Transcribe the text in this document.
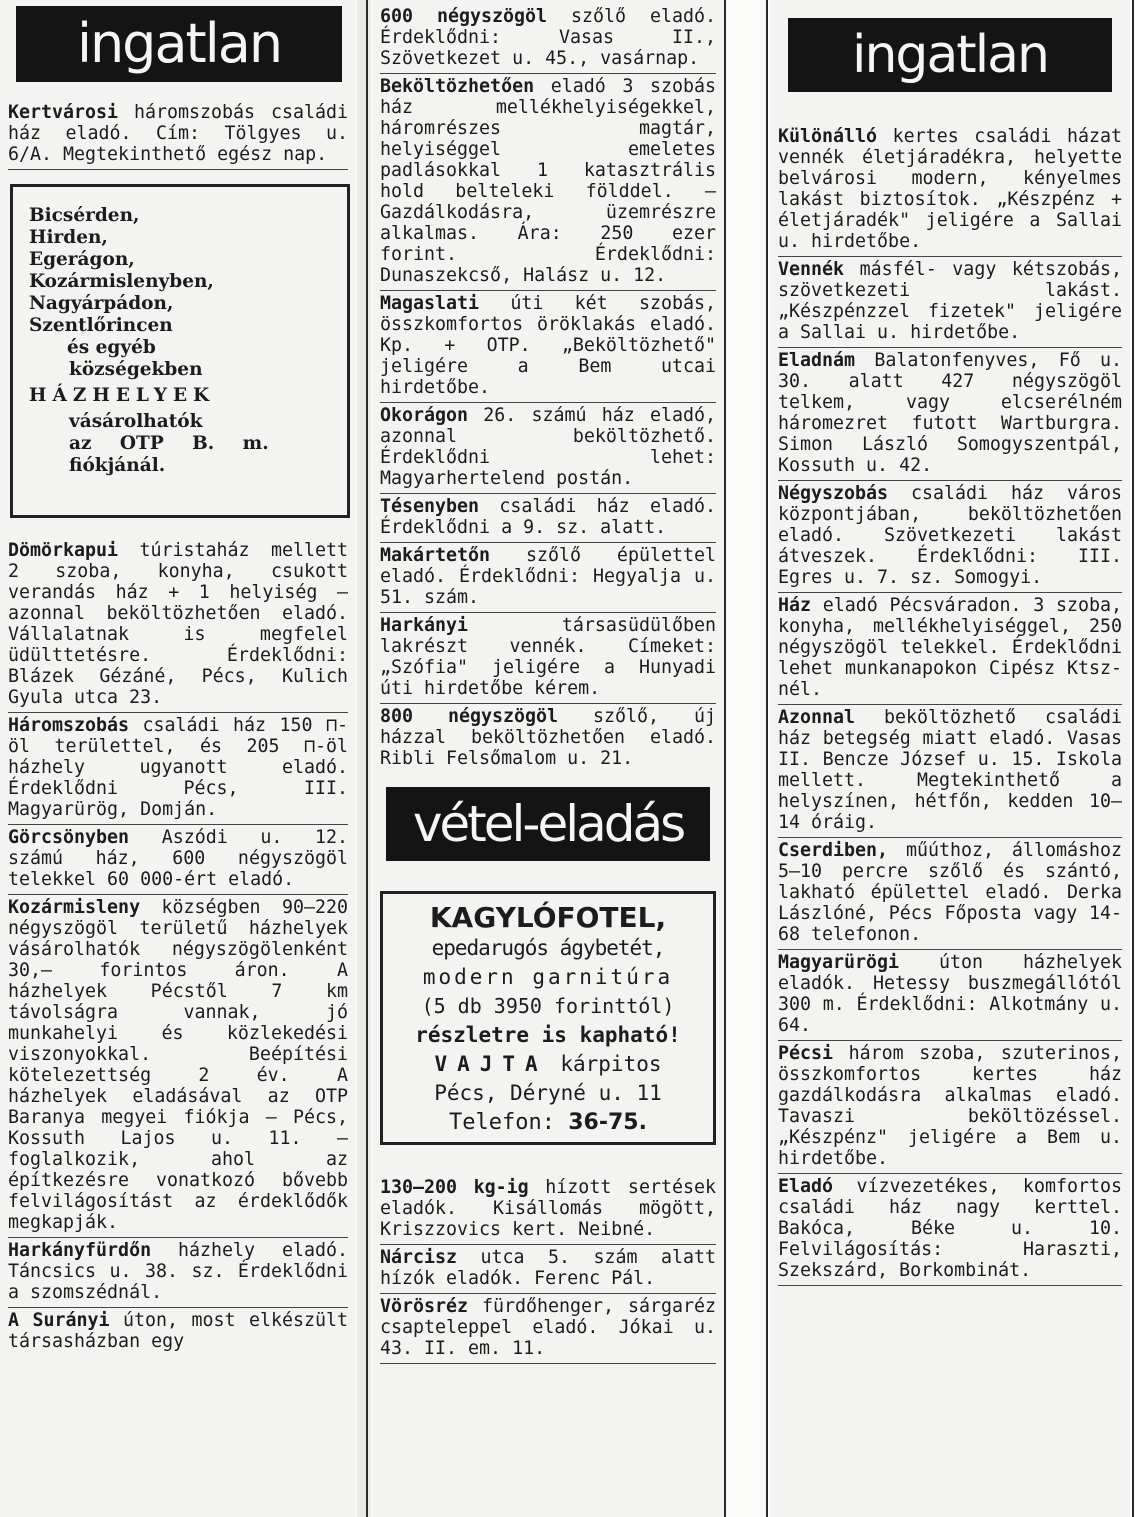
ingatlan
Kertvárosi háromszobás családi ház eladó. Cím: Tölgyes u. 6/A. Megtekinthető egész nap.
Bicsérden,
Hirden,
Egerágon,
Kozármislenyben,
Nagyárpádon,
Szentlőrincen
és egyéb
községekben
HÁZHELYEK
vásárolhatók
az OTP B. m.
fiókjánál.
Dömörkapui túristaház mellett 2 szoba, konyha, csukott verandás ház + 1 helyiség — azonnal beköltözhetően eladó. Vállalatnak is megfelel üdülttetésre. Érdeklődni: Blázek Gézáné, Pécs, Kulich Gyula utca 23.
Háromszobás családi ház 150 ⊓-öl területtel, és 205 ⊓-öl házhely ugyanott eladó. Érdeklődni Pécs, III. Magyarürög, Domján.
Görcsönyben Aszódi u. 12. számú ház, 600 négyszögöl telekkel 60 000-ért eladó.
Kozármisleny községben 90—220 négyszögöl területű házhelyek vásárolhatók négyszögölenként 30,— forintos áron. A házhelyek Pécstől 7 km távolságra vannak, jó munkahelyi és közlekedési viszonyokkal. Beépítési kötelezettség 2 év. A házhelyek eladásával az OTP Baranya megyei fiókja — Pécs, Kossuth Lajos u. 11. — foglalkozik, ahol az építkezésre vonatkozó bővebb felvilágosítást az érdeklődők megkapják.
Harkányfürdőn házhely eladó. Táncsics u. 38. sz. Érdeklődni a szomszédnál.
A Surányi úton, most elkészült társasházban egy
600 négyszögöl szőlő eladó. Érdeklődni: Vasas II., Szövetkezet u. 45., vasárnap.
Beköltözhetően eladó 3 szobás ház mellékhelyiségekkel, háromrészes magtár, helyiséggel emeletes padlásokkal 1 katasztrális hold belteleki földdel. — Gazdálkodásra, üzemrészre alkalmas. Ára: 250 ezer forint. Érdeklődni: Dunaszekcső, Halász u. 12.
Magaslati úti két szobás, összkomfortos öröklakás eladó. Kp. + OTP. „Beköltözhető" jeligére a Bem utcai hirdetőbe.
Okorágon 26. számú ház eladó, azonnal beköltözhető. Érdeklődni lehet: Magyarhertelend postán.
Tésenyben családi ház eladó. Érdeklődni a 9. sz. alatt.
Makártetőn szőlő épülettel eladó. Érdeklődni: Hegyalja u. 51. szám.
Harkányi társasüdülőben lakrészt vennék. Címeket: „Szófia" jeligére a Hunyadi úti hirdetőbe kérem.
800 négyszögöl szőlő, új házzal beköltözhetően eladó. Ribli Felsőmalom u. 21.
vétel-eladás
KAGYLÓFOTEL,
epedarugós ágybetét,
modern garnitúra
(5 db 3950 forinttól)
részletre is kapható!
VAJTA kárpitos
Pécs, Déryné u. 11
Telefon: 36-75.
130—200 kg-ig hízott sertések eladók. Kisállomás mögött, Kriszzovics kert. Neibné.
Nárcisz utca 5. szám alatt hízók eladók. Ferenc Pál.
Vörösréz fürdőhenger, sárgaréz csapteleppel eladó. Jókai u. 43. II. em. 11.
ingatlan
Különálló kertes családi házat vennék életjáradékra, helyette belvárosi modern, kényelmes lakást biztosítok. „Készpénz + életjáradék" jeligére a Sallai u. hirdetőbe.
Vennék másfél- vagy kétszobás, szövetkezeti lakást. „Készpénzzel fizetek" jeligére a Sallai u. hirdetőbe.
Eladnám Balatonfenyves, Fő u. 30. alatt 427 négyszögöl telkem, vagy elcserélném háromezret futott Wartburgra. Simon László Somogyszentpál, Kossuth u. 42.
Négyszobás családi ház város központjában, beköltözhetően eladó. Szövetkezeti lakást átveszek. Érdeklődni: III. Egres u. 7. sz. Somogyi.
Ház eladó Pécsváradon. 3 szoba, konyha, mellékhelyiséggel, 250 négyszögöl telekkel. Érdeklődni lehet munkanapokon Cipész Ktsz-nél.
Azonnal beköltözhető családi ház betegség miatt eladó. Vasas II. Bencze József u. 15. Iskola mellett. Megtekinthető a helyszínen, hétfőn, kedden 10—14 óráig.
Cserdiben, műúthoz, állomáshoz 5—10 percre szőlő és szántó, lakható épülettel eladó. Derka Lászlóné, Pécs Főposta vagy 14-68 telefonon.
Magyarürögi úton házhelyek eladók. Hetessy buszmegállótól 300 m. Érdeklődni: Alkotmány u. 64.
Pécsi három szoba, szuterinos, összkomfortos kertes ház gazdálkodásra alkalmas eladó. Tavaszi beköltözéssel. „Készpénz" jeligére a Bem u. hirdetőbe.
Eladó vízvezetékes, komfortos családi ház nagy kerttel. Bakóca, Béke u. 10. Felvilágosítás: Haraszti, Szekszárd, Borkombinát.
